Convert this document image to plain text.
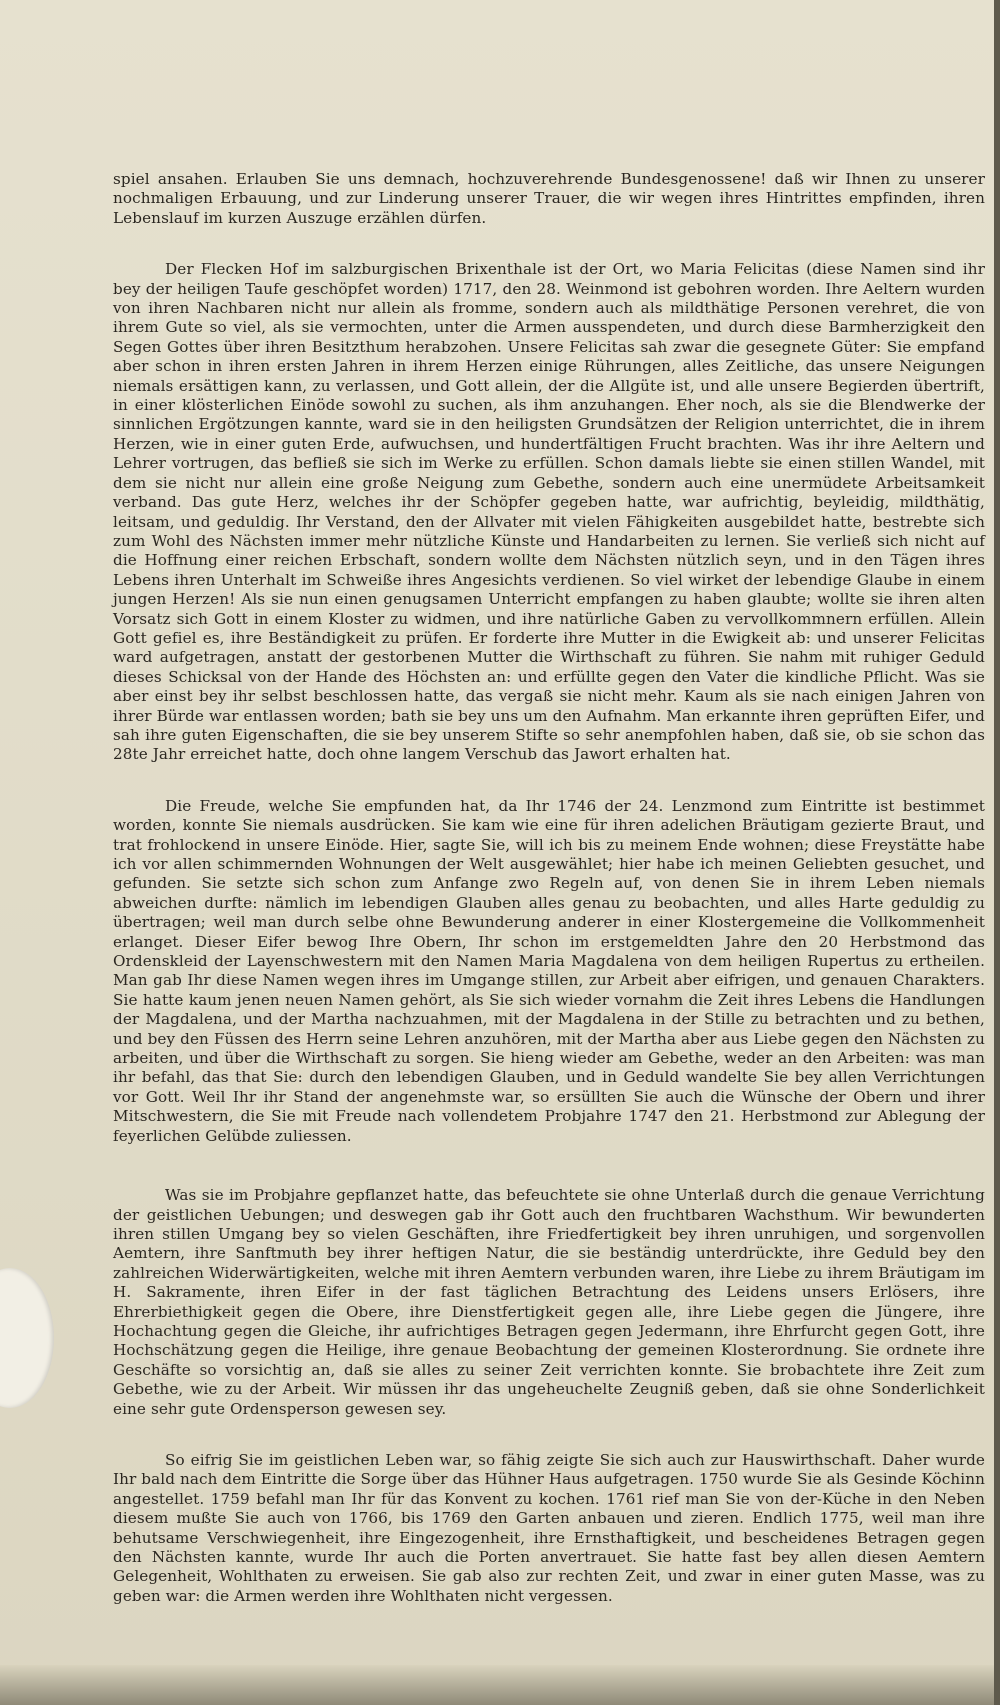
spiel ansahen. Erlauben Sie uns demnach, hochzuverehrende Bundesgenossene! daß wir Ihnen zu unserer nochmaligen Erbauung, und zur Linderung unserer Trauer, die wir wegen ihres Hintrittes empfinden, ihren Lebenslauf im kurzen Auszuge erzählen dürfen.

Der Flecken Hof im salzburgischen Brixenthale ist der Ort, wo Maria Felicitas (diese Namen sind ihr bey der heiligen Taufe geschöpfet worden) 1717, den 28. Weinmond ist gebohren worden. Ihre Aeltern wurden von ihren Nachbaren nicht nur allein als fromme, sondern auch als mildthätige Personen verehret, die von ihrem Gute so viel, als sie vermochten, unter die Armen ausspendeten, und durch diese Barmherzigkeit den Segen Gottes über ihren Besitzthum herabzohen. Unsere Felicitas sah zwar die gesegnete Güter: Sie empfand aber schon in ihren ersten Jahren in ihrem Herzen einige Rührungen, alles Zeitliche, das unsere Neigungen niemals ersättigen kann, zu verlassen, und Gott allein, der die Allgüte ist, und alle unsere Begierden übertrift, in einer klösterlichen Einöde sowohl zu suchen, als ihm anzuhangen. Eher noch, als sie die Blendwerke der sinnlichen Ergötzungen kannte, ward sie in den heiligsten Grundsätzen der Religion unterrichtet, die in ihrem Herzen, wie in einer guten Erde, aufwuchsen, und hundertfältigen Frucht brachten. Was ihr ihre Aeltern und Lehrer vortrugen, das befließ sie sich im Werke zu erfüllen. Schon damals liebte sie einen stillen Wandel, mit dem sie nicht nur allein eine große Neigung zum Gebethe, sondern auch eine unermüdete Arbeitsamkeit verband. Das gute Herz, welches ihr der Schöpfer gegeben hatte, war aufrichtig, beyleidig, mildthätig, leitsam, und geduldig. Ihr Verstand, den der Allvater mit vielen Fähigkeiten ausgebildet hatte, bestrebte sich zum Wohl des Nächsten immer mehr nützliche Künste und Handarbeiten zu lernen. Sie verließ sich nicht auf die Hoffnung einer reichen Erbschaft, sondern wollte dem Nächsten nützlich seyn, und in den Tägen ihres Lebens ihren Unterhalt im Schweiße ihres Angesichts verdienen. So viel wirket der lebendige Glaube in einem jungen Herzen! Als sie nun einen genugsamen Unterricht empfangen zu haben glaubte; wollte sie ihren alten Vorsatz sich Gott in einem Kloster zu widmen, und ihre natürliche Gaben zu vervollkommnern erfüllen. Allein Gott gefiel es, ihre Beständigkeit zu prüfen. Er forderte ihre Mutter in die Ewigkeit ab: und unserer Felicitas ward aufgetragen, anstatt der gestorbenen Mutter die Wirthschaft zu führen. Sie nahm mit ruhiger Geduld dieses Schicksal von der Hande des Höchsten an: und erfüllte gegen den Vater die kindliche Pflicht. Was sie aber einst bey ihr selbst beschlossen hatte, das vergaß sie nicht mehr. Kaum als sie nach einigen Jahren von ihrer Bürde war entlassen worden; bath sie bey uns um den Aufnahm. Man erkannte ihren geprüften Eifer, und sah ihre guten Eigenschaften, die sie bey unserem Stifte so sehr anempfohlen haben, daß sie, ob sie schon das 28te Jahr erreichet hatte, doch ohne langem Verschub das Jawort erhalten hat.

Die Freude, welche Sie empfunden hat, da Ihr 1746 der 24. Lenzmond zum Eintritte ist bestimmet worden, konnte Sie niemals ausdrücken. Sie kam wie eine für ihren adelichen Bräutigam gezierte Braut, und trat frohlockend in unsere Einöde. Hier, sagte Sie, will ich bis zu meinem Ende wohnen; diese Freystätte habe ich vor allen schimmernden Wohnungen der Welt ausgewählet; hier habe ich meinen Geliebten gesuchet, und gefunden. Sie setzte sich schon zum Anfange zwo Regeln auf, von denen Sie in ihrem Leben niemals abweichen durfte: nämlich im lebendigen Glauben alles genau zu beobachten, und alles Harte geduldig zu übertragen; weil man durch selbe ohne Bewunderung anderer in einer Klostergemeine die Vollkommenheit erlanget. Dieser Eifer bewog Ihre Obern, Ihr schon im erstgemeldten Jahre den 20 Herbstmond das Ordenskleid der Layenschwestern mit den Namen Maria Magdalena von dem heiligen Rupertus zu ertheilen. Man gab Ihr diese Namen wegen ihres im Umgange stillen, zur Arbeit aber eifrigen, und genauen Charakters. Sie hatte kaum jenen neuen Namen gehört, als Sie sich wieder vornahm die Zeit ihres Lebens die Handlungen der Magdalena, und der Martha nachzuahmen, mit der Magdalena in der Stille zu betrachten und zu bethen, und bey den Füssen des Herrn seine Lehren anzuhören, mit der Martha aber aus Liebe gegen den Nächsten zu arbeiten, und über die Wirthschaft zu sorgen. Sie hieng wieder am Gebethe, weder an den Arbeiten: was man ihr befahl, das that Sie: durch den lebendigen Glauben, und in Geduld wandelte Sie bey allen Verrichtungen vor Gott. Weil Ihr ihr Stand der angenehmste war, so ersüllten Sie auch die Wünsche der Obern und ihrer Mitschwestern, die Sie mit Freude nach vollendetem Probjahre 1747 den 21. Herbstmond zur Ablegung der feyerlichen Gelübde zuliessen.

Was sie im Probjahre gepflanzet hatte, das befeuchtete sie ohne Unterlaß durch die genaue Verrichtung der geistlichen Uebungen; und deswegen gab ihr Gott auch den fruchtbaren Wachsthum. Wir bewunderten ihren stillen Umgang bey so vielen Geschäften, ihre Friedfertigkeit bey ihren unruhigen, und sorgenvollen Aemtern, ihre Sanftmuth bey ihrer heftigen Natur, die sie beständig unterdrückte, ihre Geduld bey den zahlreichen Widerwärtigkeiten, welche mit ihren Aemtern verbunden waren, ihre Liebe zu ihrem Bräutigam im H. Sakramente, ihren Eifer in der fast täglichen Betrachtung des Leidens unsers Erlösers, ihre Ehrerbiethigkeit gegen die Obere, ihre Dienstfertigkeit gegen alle, ihre Liebe gegen die Jüngere, ihre Hochachtung gegen die Gleiche, ihr aufrichtiges Betragen gegen Jedermann, ihre Ehrfurcht gegen Gott, ihre Hochschätzung gegen die Heilige, ihre genaue Beobachtung der gemeinen Klosterordnung. Sie ordnete ihre Geschäfte so vorsichtig an, daß sie alles zu seiner Zeit verrichten konnte. Sie brobachtete ihre Zeit zum Gebethe, wie zu der Arbeit. Wir müssen ihr das ungeheuchelte Zeugniß geben, daß sie ohne Sonderlichkeit eine sehr gute Ordensperson gewesen sey.

So eifrig Sie im geistlichen Leben war, so fähig zeigte Sie sich auch zur Hauswirthschaft. Daher wurde Ihr bald nach dem Eintritte die Sorge über das Hühner Haus aufgetragen. 1750 wurde Sie als Gesinde Köchinn angestellet. 1759 befahl man Ihr für das Konvent zu kochen. 1761 rief man Sie von der-Küche in den Neben diesem mußte Sie auch von 1766, bis 1769 den Garten anbauen und zieren. Endlich 1775, weil man ihre behutsame Verschwiegenheit, ihre Eingezogenheit, ihre Ernsthaftigkeit, und bescheidenes Betragen gegen den Nächsten kannte, wurde Ihr auch die Porten anvertrauet. Sie hatte fast bey allen diesen Aemtern Gelegenheit, Wohlthaten zu erweisen. Sie gab also zur rechten Zeit, und zwar in einer guten Masse, was zu geben war: die Armen werden ihre Wohlthaten nicht vergessen.
